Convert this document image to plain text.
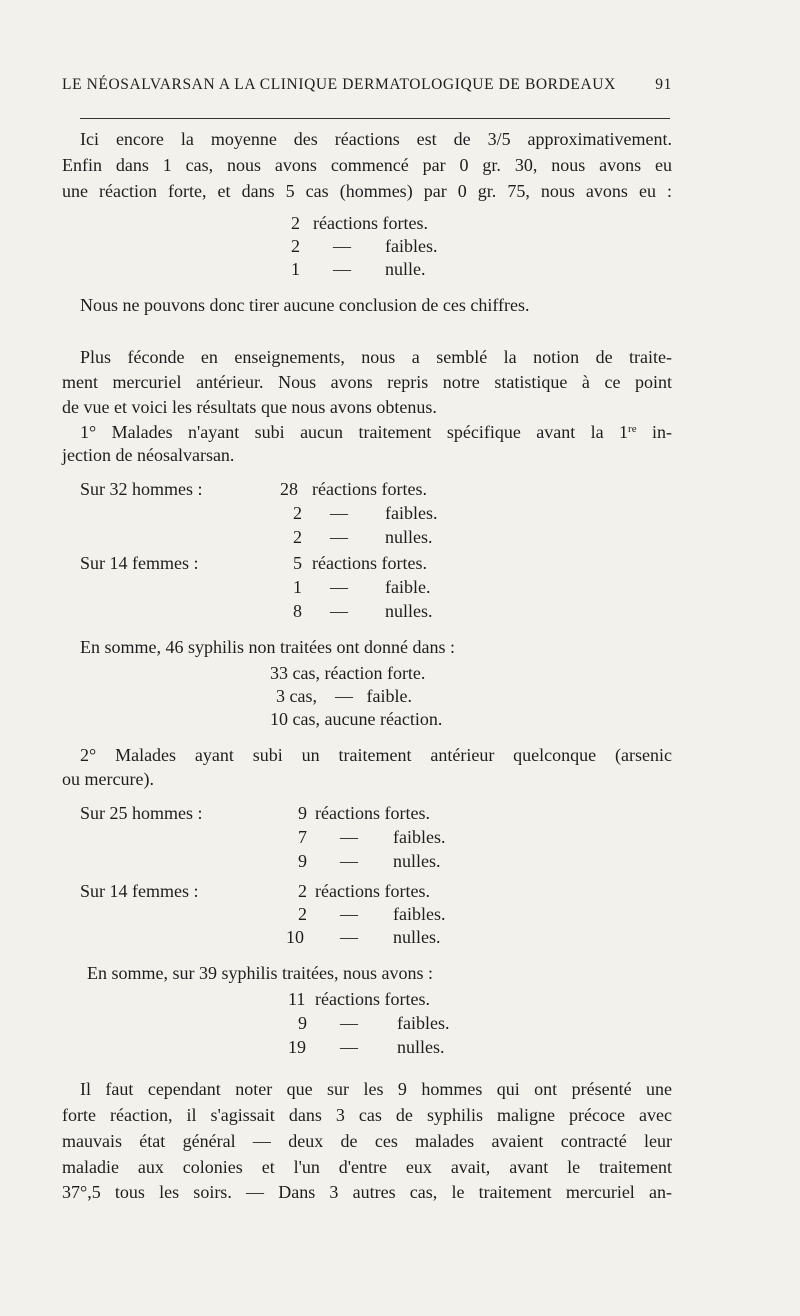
LE NÉOSALVARSAN A LA CLINIQUE DERMATOLOGIQUE DE BORDEAUX	91
Ici encore la moyenne des réactions est de 3/5 approximativement.
Enfin dans 1 cas, nous avons commencé par 0 gr. 30, nous avons eu
une réaction forte, et dans 5 cas (hommes) par 0 gr. 75, nous avons eu :
2 réactions fortes.
2 — faibles.
1 — nulle.
Nous ne pouvons donc tirer aucune conclusion de ces chiffres.
Plus féconde en enseignements, nous a semblé la notion de traite-
ment mercuriel antérieur. Nous avons repris notre statistique à ce point
de vue et voici les résultats que nous avons obtenus.
1° Malades n'ayant subi aucun traitement spécifique avant la 1re in-
jection de néosalvarsan.
Sur 32 hommes :	28 réactions fortes.
2 — faibles.
2 — nulles.
Sur 14 femmes :	5 réactions fortes.
1 — faible.
8 — nulles.
En somme, 46 syphilis non traitées ont donné dans :
33 cas, réaction forte.
3 cas,    —   faible.
10 cas, aucune réaction.
2° Malades ayant subi un traitement antérieur quelconque (arsenic
ou mercure).
Sur 25 hommes :	9 réactions fortes.
7 — faibles.
9 — nulles.
Sur 14 femmes :	2 réactions fortes.
2 — faibles.
10 — nulles.
En somme, sur 39 syphilis traitées, nous avons :
11 réactions fortes.
9 — faibles.
19 — nulles.
Il faut cependant noter que sur les 9 hommes qui ont présenté une
forte réaction, il s'agissait dans 3 cas de syphilis maligne précoce avec
mauvais état général — deux de ces malades avaient contracté leur
maladie aux colonies et l'un d'entre eux avait, avant le traitement
37°,5 tous les soirs. — Dans 3 autres cas, le traitement mercuriel an-
